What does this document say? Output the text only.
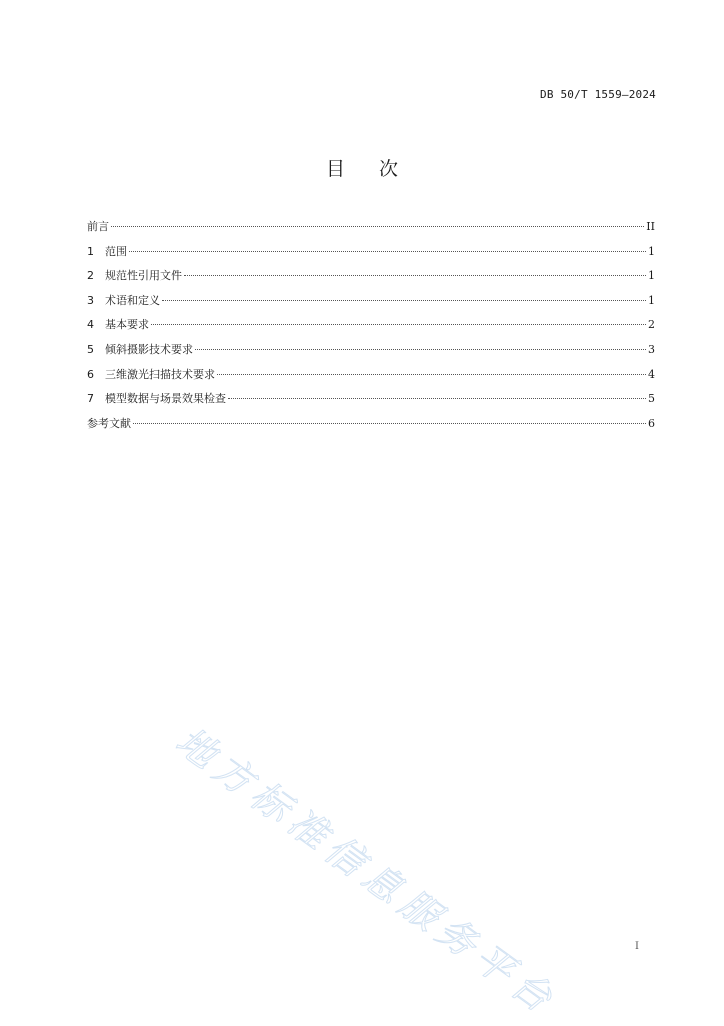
DB 50/T 1559—2024
目次
前言	II
1	范围	1
2	规范性引用文件	1
3	术语和定义	1
4	基本要求	2
5	倾斜摄影技术要求	3
6	三维激光扫描技术要求	4
7	模型数据与场景效果检查	5
参考文献	6
地方标准信息服务平台	I
